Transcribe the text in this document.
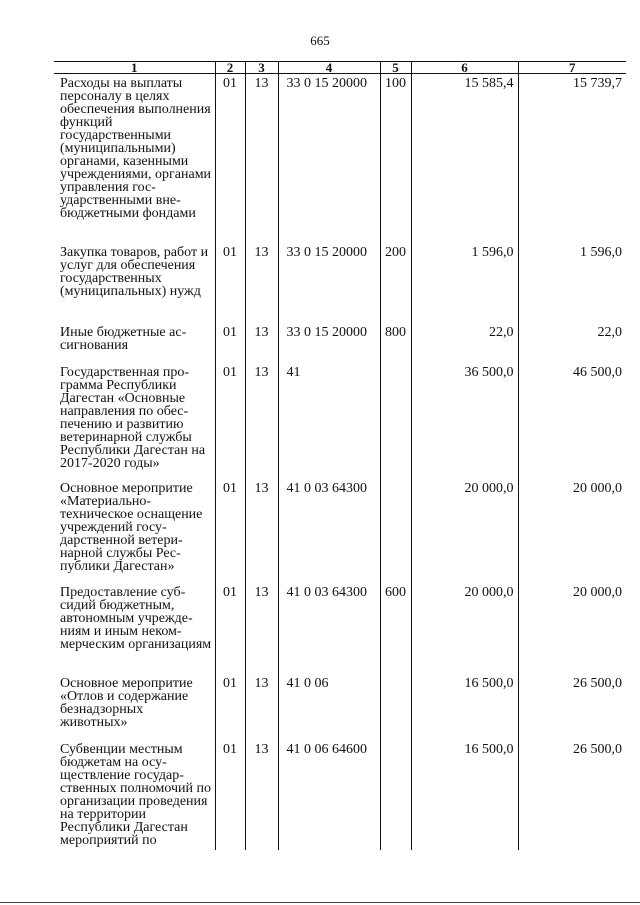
665
1	2	3	4	5	6	7

Расходы на выплаты персоналу в целях обеспечения выполнения функций государственными (муниципальными) органами, казенными учреждениями, органами управления государственными внебюджетными фондами	01	13	33 0 15 20000	100	15 585,4	15 739,7

Закупка товаров, работ и услуг для обеспечения государственных (муниципальных) нужд	01	13	33 0 15 20000	200	1 596,0	1 596,0

Иные бюджетные ассигнования	01	13	33 0 15 20000	800	22,0	22,0

Государственная программа Республики Дагестан «Основные направления по обеспечению и развитию ветеринарной службы Республики Дагестан на 2017-2020 годы»	01	13	41		36 500,0	46 500,0

Основное меропритие «Материально-техническое оснащение учреждений государственной ветеринарной службы Республики Дагестан»	01	13	41 0 03 64300		20 000,0	20 000,0

Предоставление субсидий бюджетным, автономным учреждениям и иным некоммерческим организациям	01	13	41 0 03 64300	600	20 000,0	20 000,0

Основное меропритие «Отлов и содержание безнадзорных животных»	01	13	41 0 06		16 500,0	26 500,0

Субвенции местным бюджетам на осуществление государственных полномочий по организации проведения на территории Республики Дагестан мероприятий по	01	13	41 0 06 64600		16 500,0	26 500,0
